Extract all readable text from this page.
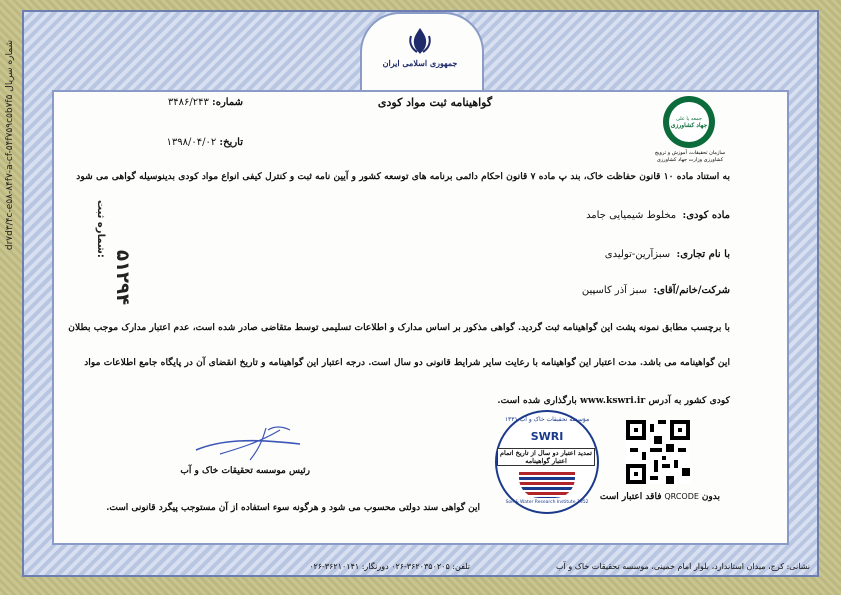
جمهوری اسلامی ایران
dr۷d۳/۴c-e۵۸-۸۴f۷-a-cf-۵۴f۷۵۹c۵b۷f۵ شماره سریال
جمعه یا علی
جهاد کشاورزی
سازمان تحقیقات، آموزش و ترویج کشاورزی وزارت جهاد کشاورزی
گواهینامه ثبت مواد کودی
شماره: ۳۴۸۶/۲۴۳
تاریخ: ۱۳۹۸/۰۴/۰۲
به استناد ماده ۱۰ قانون حفاظت خاک، بند پ ماده ۷ قانون احکام دائمی برنامه های توسعه کشور و آیین نامه ثبت و کنترل کیفی انواع مواد کودی بدینوسیله گواهی می شود
ماده کودی:  مخلوط شیمیایی جامد
با نام تجاری:  سبزآرین-تولیدی
شرکت/خانم/آقای:  سبز آذر کاسپین
با برچسب مطابق نمونه پشت این گواهینامه ثبت گردید. گواهی مذکور بر اساس مدارک و اطلاعات تسلیمی توسط متقاضی صادر شده است، عدم اعتبار مدارک موجب بطلان
این گواهینامه می باشد. مدت اعتبار این گواهینامه با رعایت سایر شرایط قانونی دو سال است. درجه اعتبار این گواهینامه و تاریخ انقضای آن در پایگاه جامع اطلاعات مواد
کودی کشور به آدرس www.kswri.ir بارگذاری شده است.
شماره ثبت: ۵۱۲۹۴
بدون QRCODE فاقد اعتبار است
مؤسسه تحقیقات خاک و آب ۱۳۳۱
SWRI
Soil & Water Research Institute 1952
تمدید اعتبار دو سال از تاریخ اتمام
اعتبار گواهینامه
رئیس موسسه تحقیقات خاک و آب
این گواهی سند دولتی محسوب می شود و هرگونه سوء استفاده از آن مستوجب پیگرد قانونی است.
نشانی: کرج، میدان استاندارد، بلوار امام خمینی، موسسه تحقیقات خاک و آب
تلفن: ۳۶۲۰۳۵۰۲۰۵-۰۲۶ دورنگار: ۳۶۲۱۰۱۴۱-۰۲۶
